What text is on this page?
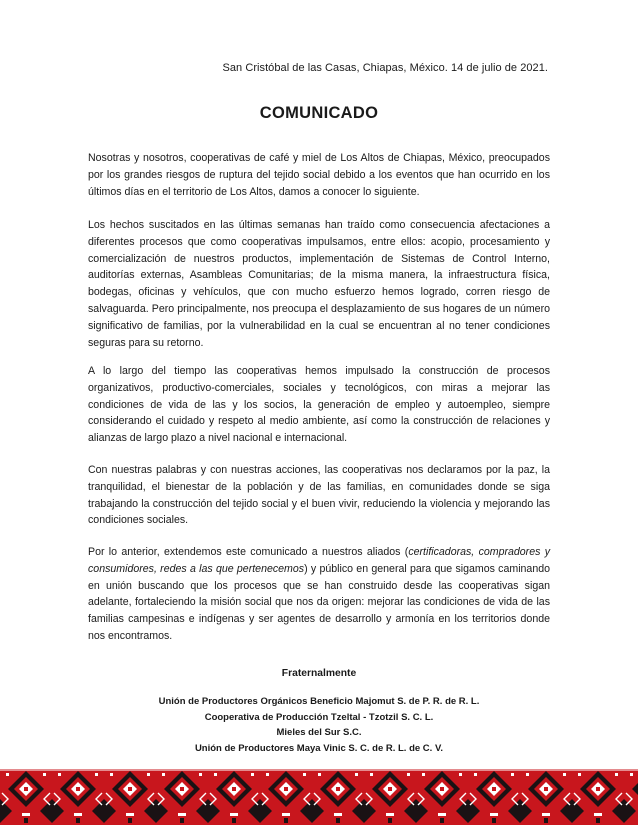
San Cristóbal de las Casas, Chiapas, México. 14 de julio de 2021.
COMUNICADO

Nosotras y nosotros, cooperativas de café y miel de Los Altos de Chiapas, México, preocupados por los grandes riesgos de ruptura del tejido social debido a los eventos que han ocurrido en los últimos días en el territorio de Los Altos, damos a conocer lo siguiente.

Los hechos suscitados en las últimas semanas han traído como consecuencia afectaciones a diferentes procesos que como cooperativas impulsamos, entre ellos: acopio, procesamiento y comercialización de nuestros productos, implementación de Sistemas de Control Interno, auditorías externas, Asambleas Comunitarias; de la misma manera, la infraestructura física, bodegas, oficinas y vehículos, que con mucho esfuerzo hemos logrado, corren riesgo de salvaguarda. Pero principalmente, nos preocupa el desplazamiento de sus hogares de un número significativo de familias, por la vulnerabilidad en la cual se encuentran al no tener condiciones seguras para su retorno.

A lo largo del tiempo las cooperativas hemos impulsado la construcción de procesos organizativos, productivo-comerciales, sociales y tecnológicos, con miras a mejorar las condiciones de vida de las y los socios, la generación de empleo y autoempleo, siempre considerando el cuidado y respeto al medio ambiente, así como la construcción de relaciones y alianzas de largo plazo a nivel nacional e internacional.

Con nuestras palabras y con nuestras acciones, las cooperativas nos declaramos por la paz, la tranquilidad, el bienestar de la población y de las familias, en comunidades donde se siga trabajando la construcción del tejido social y el buen vivir, reduciendo la violencia y mejorando las condiciones sociales.

Por lo anterior, extendemos este comunicado a nuestros aliados (certificadoras, compradores y consumidores, redes a las que pertenecemos) y público en general para que sigamos caminando en unión buscando que los procesos que se han construido desde las cooperativas sigan adelante, fortaleciendo la misión social que nos da origen: mejorar las condiciones de vida de las familias campesinas e indígenas y ser agentes de desarrollo y armonía en los territorios donde nos encontramos.

Fraternalmente
Unión de Productores Orgánicos Beneficio Majomut S. de P. R. de R. L.
Cooperativa de Producción Tzeltal - Tzotzil S. C. L.
Mieles del Sur S.C.
Unión de Productores Maya Vinic S. C. de R. L. de C. V.
